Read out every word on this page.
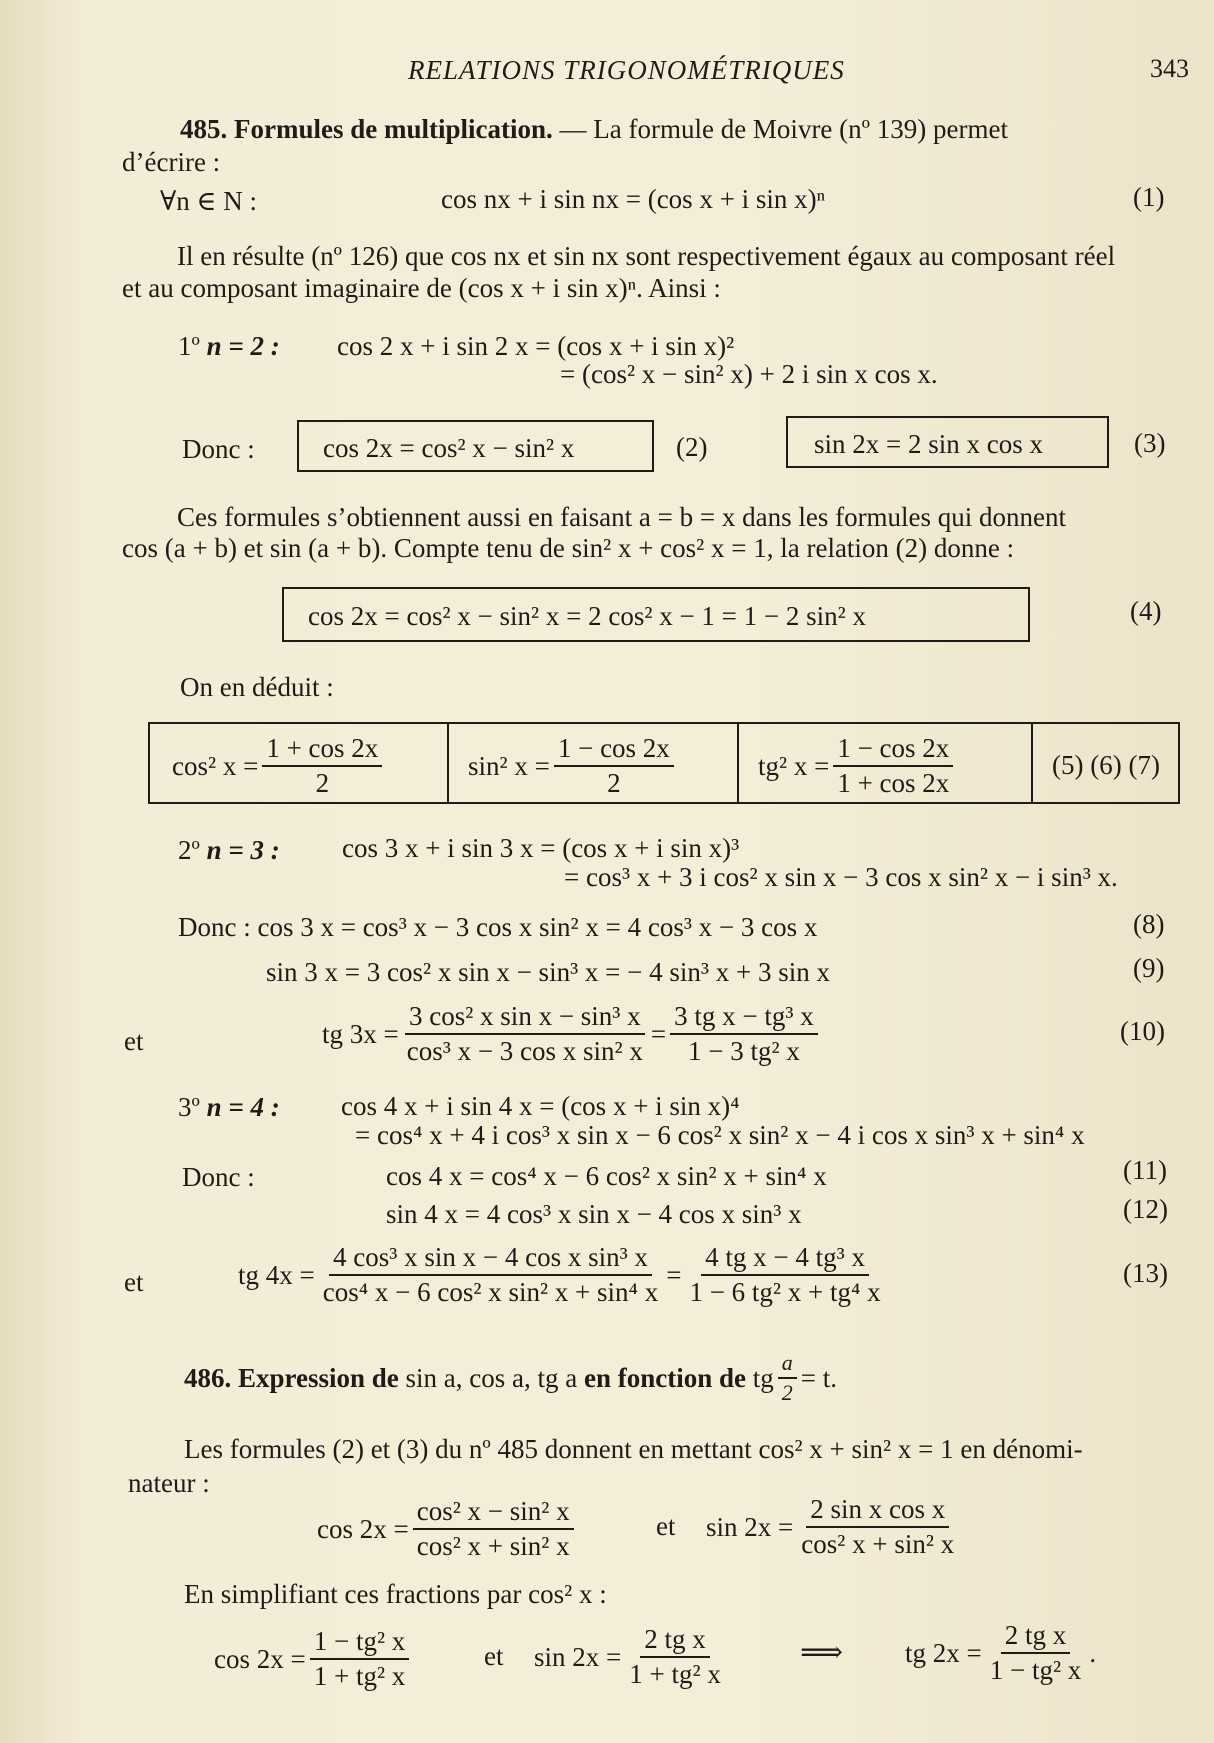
RELATIONS TRIGONOMÉTRIQUES	343
485. Formules de multiplication. — La formule de Moivre (nº 139) permet
d’écrire :
∀n ∈ N :	cos nx + i sin nx = (cos x + i sin x)ⁿ	(1)
Il en résulte (nº 126) que cos nx et sin nx sont respectivement égaux au composant réel
et au composant imaginaire de (cos x + i sin x)ⁿ. Ainsi :
1º n = 2 : cos 2 x + i sin 2 x = (cos x + i sin x)²
= (cos² x − sin² x) + 2 i sin x cos x.
Donc :	cos 2x = cos² x − sin² x	(2)	sin 2x = 2 sin x cos x	(3)
Ces formules s’obtiennent aussi en faisant a = b = x dans les formules qui donnent
cos (a + b) et sin (a + b). Compte tenu de sin² x + cos² x = 1, la relation (2) donne :
cos 2x = cos² x − sin² x = 2 cos² x − 1 = 1 − 2 sin² x	(4)
On en déduit :
cos² $x = \frac{1 + \cos 2x}{2}$	sin² $x = \frac{1 - \cos 2x}{2}$	tg² $x = \frac{1 - \cos 2x}{1 + \cos 2x}$	(5) (6) (7)
2º n = 3 : cos 3 x + i sin 3 x = (cos x + i sin x)³
= cos³ x + 3 i cos² x sin x − 3 cos x sin² x − i sin³ x.
Donc : cos 3 x = cos³ x − 3 cos x sin² x = 4 cos³ x − 3 cos x	(8)
sin 3 x = 3 cos² x sin x − sin³ x = − 4 sin³ x + 3 sin x	(9)
et	tg $3x = \frac{\text{3 cos² x sin x − sin³ x}}{\text{cos³ x − 3 cos x sin² x}} = \frac{\text{3 tg x − tg³ x}}{\text{1 − 3 tg² x}}$	(10)
3º n = 4 : cos 4 x + i sin 4 x = (cos x + i sin x)⁴
= cos⁴ x + 4 i cos³ x sin x − 6 cos² x sin² x − 4 i cos x sin³ x + sin⁴ x
Donc :	cos 4 x = cos⁴ x − 6 cos² x sin² x + sin⁴ x	(11)
sin 4 x = 4 cos³ x sin x − 4 cos x sin³ x	(12)
et	tg $4x = \frac{\text{4 cos³ x sin x − 4 cos x sin³ x}}{\text{cos⁴ x − 6 cos² x sin² x + sin⁴ x}} = \frac{\text{4 tg x − 4 tg³ x}}{\text{1 − 6 tg² x + tg⁴ x}}$	(13)
486.
Expression de
sin a, cos a, tg a
en fonction de
tg $\frac{a}{2} = t$.
Les formules (2) et (3) du nº 485 donnent en mettant cos² x + sin² x = 1 en dénomi-
nateur :
$\cos 2x = \frac{\text{cos² x − sin² x}}{\text{cos² x + sin² x}}$	et $\sin 2x = \frac{\text{2 sin x cos x}}{\text{cos² x + sin² x}}$
En simplifiant ces fractions par cos² x :
$\cos 2x = \frac{\text{1 − tg² x}}{\text{1 + tg² x}}$	et $\sin 2x = \frac{\text{2 tg x}}{\text{1 + tg² x}}$	⟹ tg $2x = \frac{\text{2 tg x}}{\text{1 − tg² x}}$ .
